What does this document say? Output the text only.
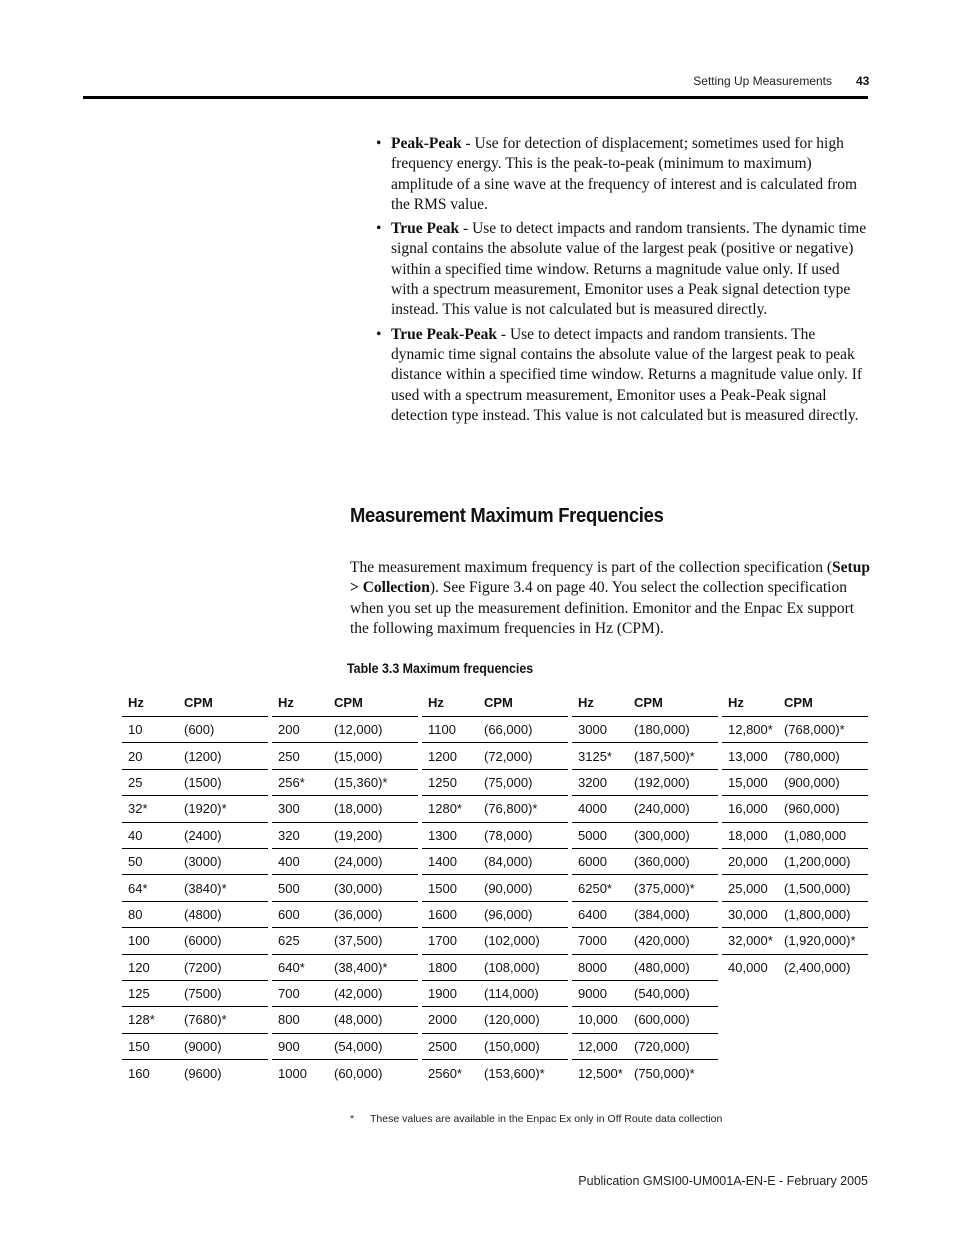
Setting Up Measurements 43
• Peak-Peak - Use for detection of displacement; sometimes used for high frequency energy. This is the peak-to-peak (minimum to maximum) amplitude of a sine wave at the frequency of interest and is calculated from the RMS value.
• True Peak - Use to detect impacts and random transients. The dynamic time signal contains the absolute value of the largest peak (positive or negative) within a specified time window. Returns a magnitude value only. If used with a spectrum measurement, Emonitor uses a Peak signal detection type instead. This value is not calculated but is measured directly.
• True Peak-Peak - Use to detect impacts and random transients. The dynamic time signal contains the absolute value of the largest peak to peak distance within a specified time window. Returns a magnitude value only. If used with a spectrum measurement, Emonitor uses a Peak-Peak signal detection type instead. This value is not calculated but is measured directly.
Measurement Maximum Frequencies

The measurement maximum frequency is part of the collection specification (Setup > Collection). See Figure 3.4 on page 40. You select the collection specification when you set up the measurement definition. Emonitor and the Enpac Ex support the following maximum frequencies in Hz (CPM).

Table 3.3 Maximum frequencies
Hz	CPM
10	(600)
20	(1200)
25	(1500)
32*	(1920)*
40	(2400)
50	(3000)
64*	(3840)*
80	(4800)
100	(6000)
120	(7200)
125	(7500)
128*	(7680)*
150	(9000)
160	(9600)
Hz	CPM
200	(12,000)
250	(15,000)
256*	(15,360)*
300	(18,000)
320	(19,200)
400	(24,000)
500	(30,000)
600	(36,000)
625	(37,500)
640*	(38,400)*
700	(42,000)
800	(48,000)
900	(54,000)
1000	(60,000)
Hz	CPM
1100	(66,000)
1200	(72,000)
1250	(75,000)
1280*	(76,800)*
1300	(78,000)
1400	(84,000)
1500	(90,000)
1600	(96,000)
1700	(102,000)
1800	(108,000)
1900	(114,000)
2000	(120,000)
2500	(150,000)
2560*	(153,600)*
Hz	CPM
3000	(180,000)
3125*	(187,500)*
3200	(192,000)
4000	(240,000)
5000	(300,000)
6000	(360,000)
6250*	(375,000)*
6400	(384,000)
7000	(420,000)
8000	(480,000)
9000	(540,000)
10,000	(600,000)
12,000	(720,000)
12,500* (750,000)*
Hz	CPM
12,800* (768,000)*
13,000	(780,000)
15,000	(900,000)
16,000	(960,000)
18,000	(1,080,000
20,000	(1,200,000)
25,000	(1,500,000)
30,000	(1,800,000)
32,000* (1,920,000)*
40,000	(2,400,000)
* These values are available in the Enpac Ex only in Off Route data collection
Publication GMSI00-UM001A-EN-E - February 2005
